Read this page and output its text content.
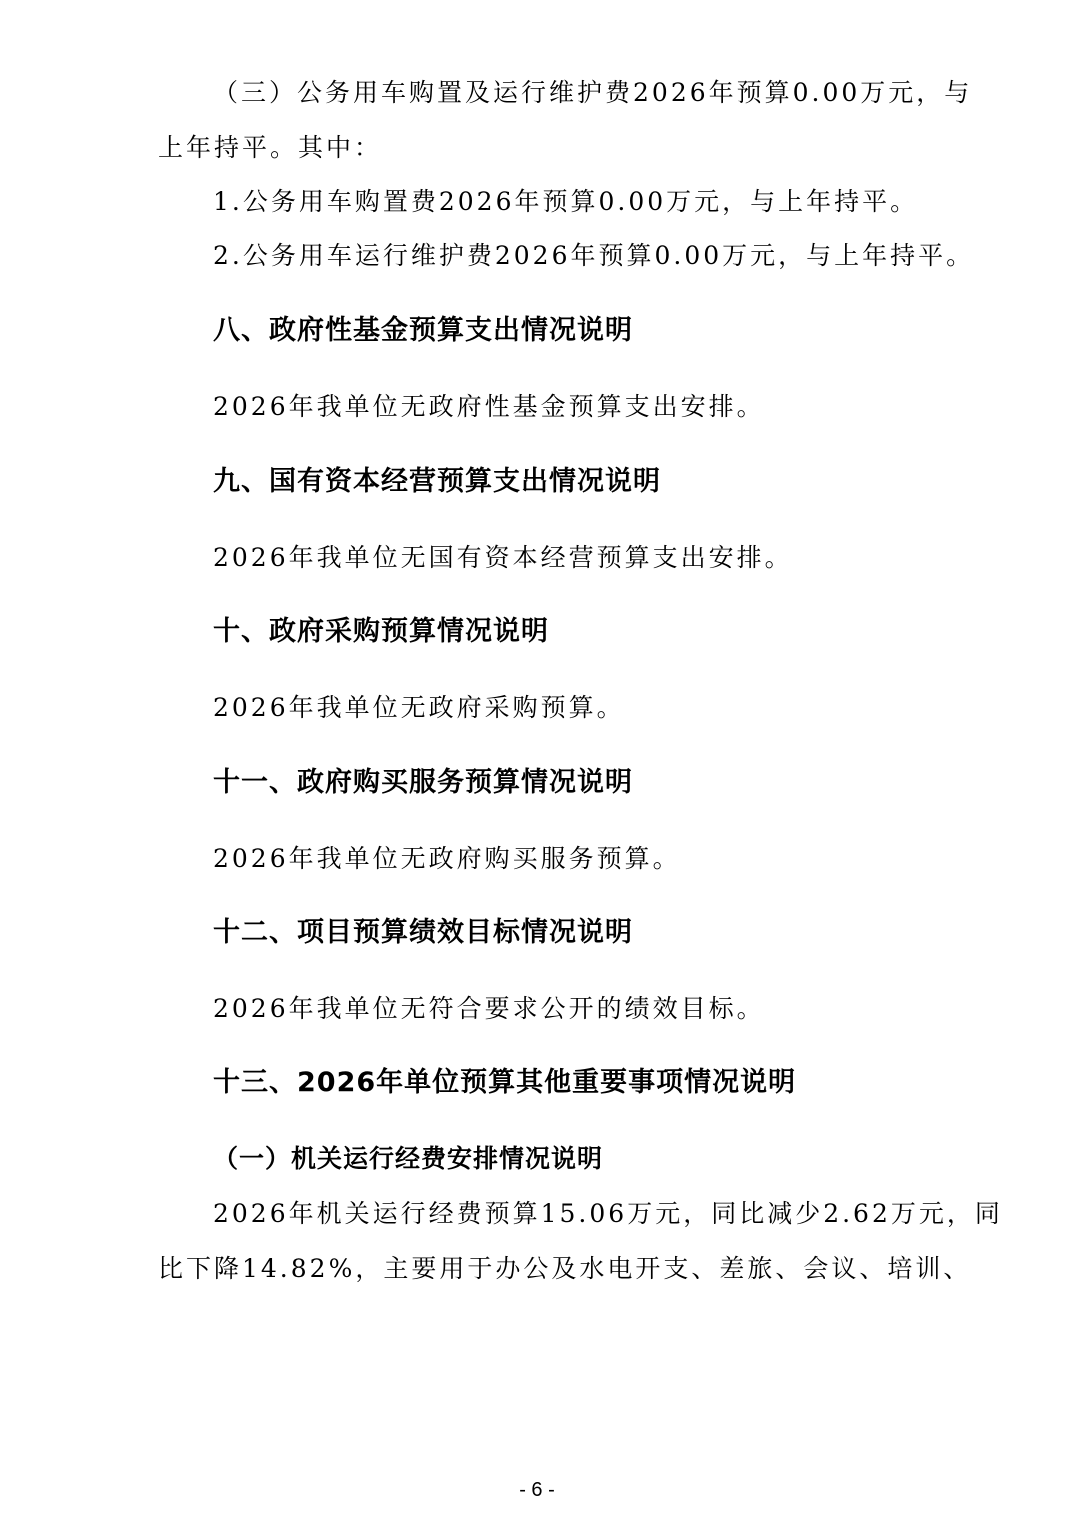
（三）公务用车购置及运行维护费2026年预算0.00万元，与
上年持平。其中：
1.公务用车购置费2026年预算0.00万元，与上年持平。
2.公务用车运行维护费2026年预算0.00万元，与上年持平。
八、政府性基金预算支出情况说明
2026年我单位无政府性基金预算支出安排。
九、国有资本经营预算支出情况说明
2026年我单位无国有资本经营预算支出安排。
十、政府采购预算情况说明
2026年我单位无政府采购预算。
十一、政府购买服务预算情况说明
2026年我单位无政府购买服务预算。
十二、项目预算绩效目标情况说明
2026年我单位无符合要求公开的绩效目标。
十三、2026年单位预算其他重要事项情况说明
（一）机关运行经费安排情况说明
2026年机关运行经费预算15.06万元，同比减少2.62万元，同
比下降14.82%，主要用于办公及水电开支、差旅、会议、培训、
- 6 -
